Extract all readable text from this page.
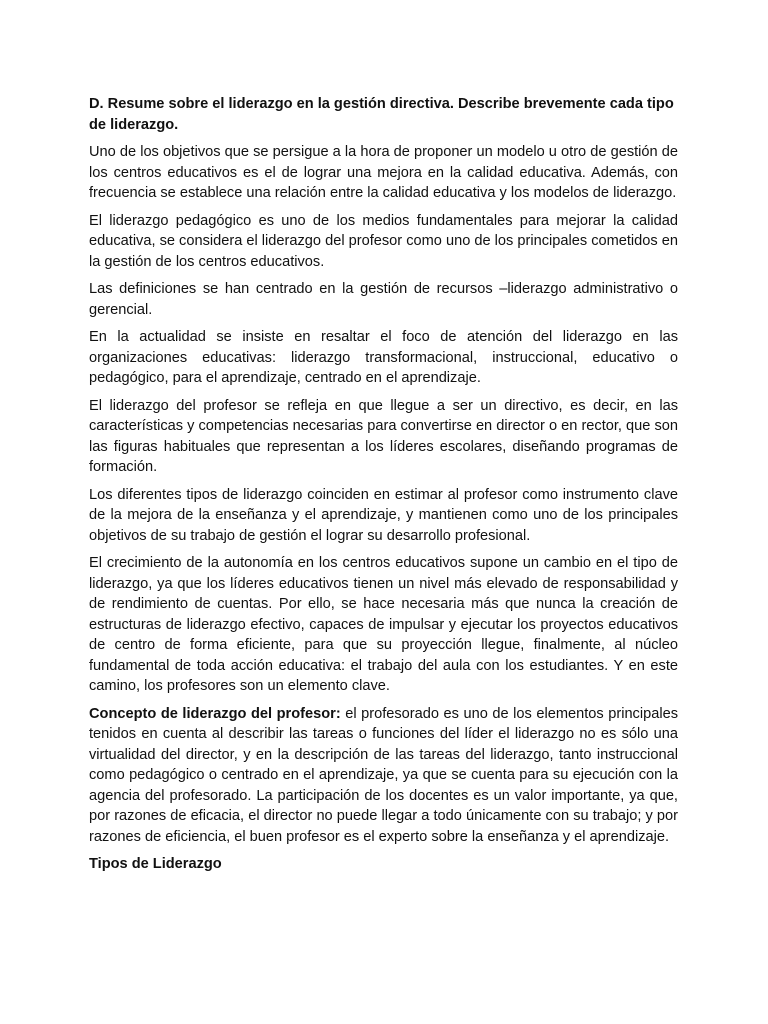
D. Resume sobre el liderazgo en la gestión directiva. Describe brevemente cada tipo de liderazgo.

Uno de los objetivos que se persigue a la hora de proponer un modelo u otro de gestión de los centros educativos es el de lograr una mejora en la calidad educativa. Además, con frecuencia se establece una relación entre la calidad educativa y los modelos de liderazgo.

El liderazgo pedagógico es uno de los medios fundamentales para mejorar la calidad educativa, se considera el liderazgo del profesor como uno de los principales cometidos en la gestión de los centros educativos.

Las definiciones se han centrado en la gestión de recursos –liderazgo administrativo o gerencial.

En la actualidad se insiste en resaltar el foco de atención del liderazgo en las organizaciones educativas: liderazgo transformacional, instruccional, educativo o pedagógico, para el aprendizaje, centrado en el aprendizaje.

El liderazgo del profesor se refleja en que llegue a ser un directivo, es decir, en las características y competencias necesarias para convertirse en director o en rector, que son las figuras habituales que representan a los líderes escolares, diseñando programas de formación.

Los diferentes tipos de liderazgo coinciden en estimar al profesor como instrumento clave de la mejora de la enseñanza y el aprendizaje, y mantienen como uno de los principales objetivos de su trabajo de gestión el lograr su desarrollo profesional.

El crecimiento de la autonomía en los centros educativos supone un cambio en el tipo de liderazgo, ya que los líderes educativos tienen un nivel más elevado de responsabilidad y de rendimiento de cuentas. Por ello, se hace necesaria más que nunca la creación de estructuras de liderazgo efectivo, capaces de impulsar y ejecutar los proyectos educativos de centro de forma eficiente, para que su proyección llegue, finalmente, al núcleo fundamental de toda acción educativa: el trabajo del aula con los estudiantes. Y en este camino, los profesores son un elemento clave.

Concepto de liderazgo del profesor: el profesorado es uno de los elementos principales tenidos en cuenta al describir las tareas o funciones del líder el liderazgo no es sólo una virtualidad del director, y en la descripción de las tareas del liderazgo, tanto instruccional como pedagógico o centrado en el aprendizaje, ya que se cuenta para su ejecución con la agencia del profesorado. La participación de los docentes es un valor importante, ya que, por razones de eficacia, el director no puede llegar a todo únicamente con su trabajo; y por razones de eficiencia, el buen profesor es el experto sobre la enseñanza y el aprendizaje.

Tipos de Liderazgo
